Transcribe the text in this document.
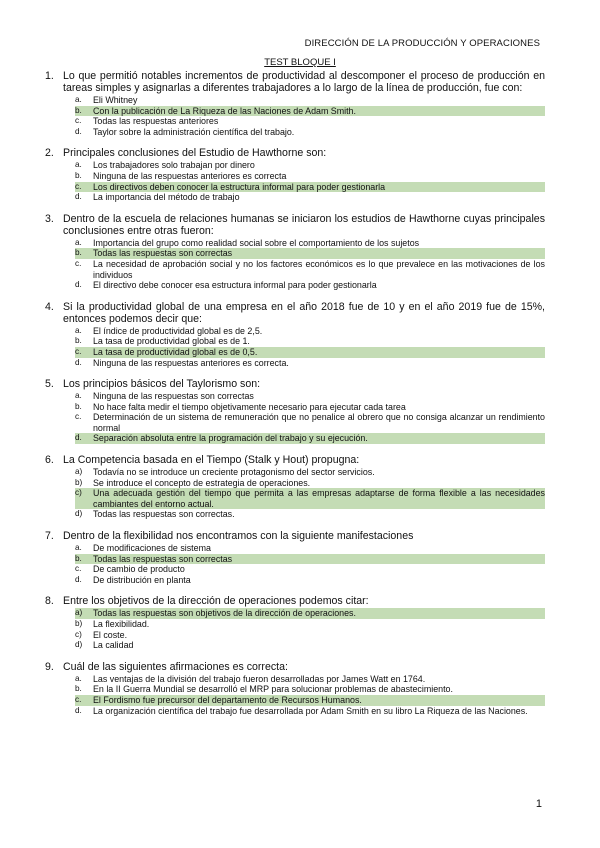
DIRECCIÓN DE LA PRODUCCIÓN Y OPERACIONES
TEST BLOQUE I
1. Lo que permitió notables incrementos de productividad al descomponer el proceso de producción en tareas simples y asignarlas a diferentes trabajadores a lo largo de la línea de producción, fue con:
a.	Eli Whitney
b.	Con la publicación de La Riqueza de las Naciones de Adam Smith.
c.	Todas las respuestas anteriores
d.	Taylor sobre la administración científica del trabajo.
2. Principales conclusiones del Estudio de Hawthorne son:
a.	Los trabajadores solo trabajan por dinero
b.	Ninguna de las respuestas anteriores es correcta
c.	Los directivos deben conocer la estructura informal para poder gestionarla
d.	La importancia del método de trabajo
3. Dentro de la escuela de relaciones humanas se iniciaron los estudios de Hawthorne cuyas principales conclusiones entre otras fueron:
a.	Importancia del grupo como realidad social sobre el comportamiento de los sujetos
b.	Todas las respuestas son correctas
c.	La necesidad de aprobación social y no los factores económicos es lo que prevalece en las motivaciones de los individuos
d.	El directivo debe conocer esa estructura informal para poder gestionarla
4. Si la productividad global de una empresa en el año 2018 fue de 10 y en el año 2019 fue de 15%, entonces podemos decir que:
a.	El índice de productividad global es de 2,5.
b.	La tasa de productividad global es de 1.
c.	La tasa de productividad global es de 0,5.
d.	Ninguna de las respuestas anteriores es correcta.
5. Los principios básicos del Taylorismo son:
a.	Ninguna de las respuestas son correctas
b.	No hace falta medir el tiempo objetivamente necesario para ejecutar cada tarea
c.	Determinación de un sistema de remuneración que no penalice al obrero que no consiga alcanzar un rendimiento normal
d.	Separación absoluta entre la programación del trabajo y su ejecución.
6. La Competencia basada en el Tiempo (Stalk y Hout) propugna:
a)	Todavía no se introduce un creciente protagonismo del sector servicios.
b)	Se introduce el concepto de estrategia de operaciones.
c)	Una adecuada gestión del tiempo que permita a las empresas adaptarse de forma flexible a las necesidades cambiantes del entorno actual.
d)	Todas las respuestas son correctas.
7. Dentro de la flexibilidad nos encontramos con la siguiente manifestaciones
a.	De modificaciones de sistema
b.	Todas las respuestas son correctas
c.	De cambio de producto
d.	De distribución en planta
8. Entre los objetivos de la dirección de operaciones podemos citar:
a)	Todas las respuestas son objetivos de la dirección de operaciones.
b)	La flexibilidad.
c)	El coste.
d)	La calidad
9. Cuál de las siguientes afirmaciones es correcta:
a.	Las ventajas de la división del trabajo fueron desarrolladas por James Watt en 1764.
b.	En la II Guerra Mundial se desarrolló el MRP para solucionar problemas de abastecimiento.
c.	El Fordismo fue precursor del departamento de Recursos Humanos.
d.	La organización científica del trabajo fue desarrollada por Adam Smith en su libro La Riqueza de las Naciones.
1
